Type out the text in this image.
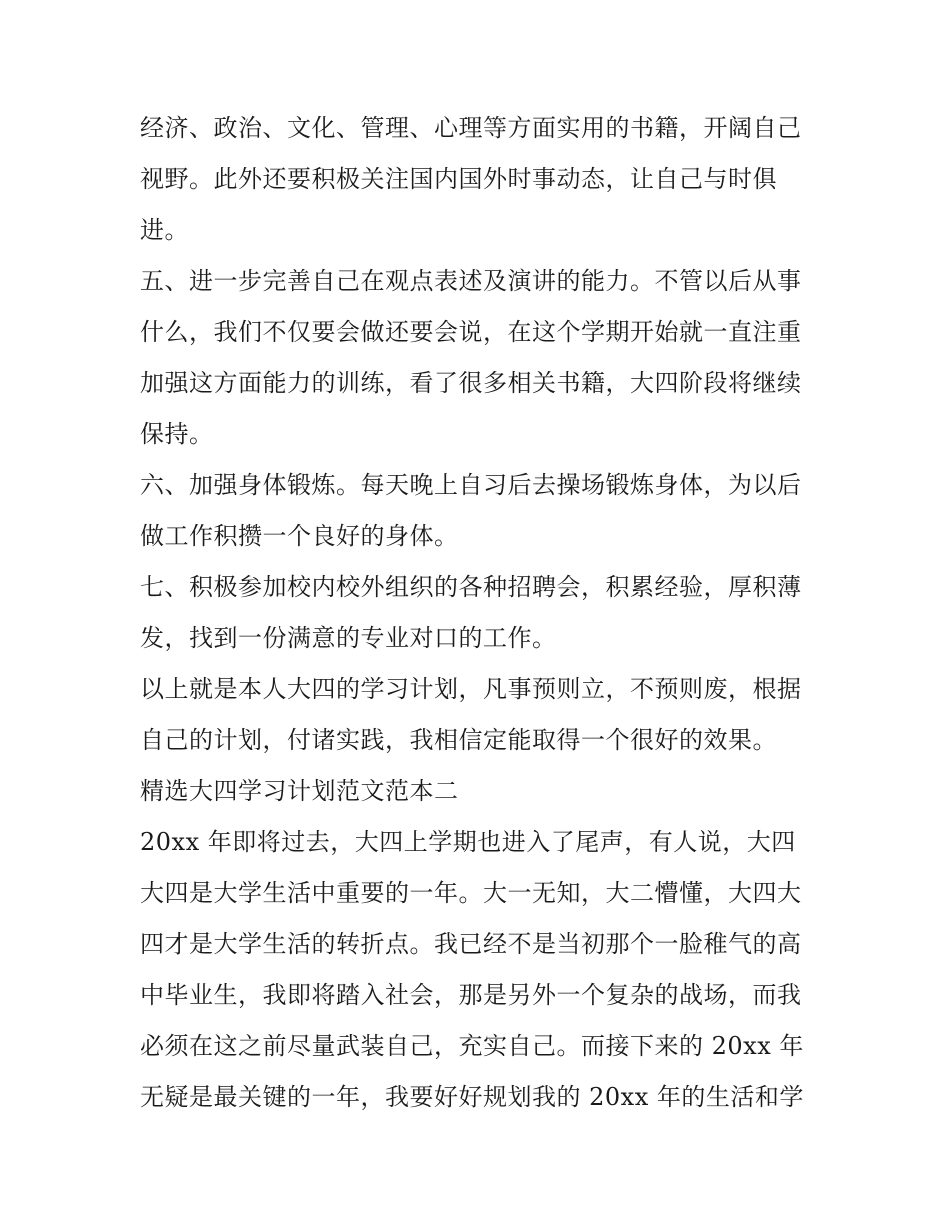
经济、政治、文化、管理、心理等方面实用的书籍，开阔自己
视野。此外还要积极关注国内国外时事动态，让自己与时俱
进。
五、进一步完善自己在观点表述及演讲的能力。不管以后从事
什么，我们不仅要会做还要会说，在这个学期开始就一直注重
加强这方面能力的训练，看了很多相关书籍，大四阶段将继续
保持。
六、加强身体锻炼。每天晚上自习后去操场锻炼身体，为以后
做工作积攒一个良好的身体。
七、积极参加校内校外组织的各种招聘会，积累经验，厚积薄
发，找到一份满意的专业对口的工作。
以上就是本人大四的学习计划，凡事预则立，不预则废，根据
自己的计划，付诸实践，我相信定能取得一个很好的效果。
精选大四学习计划范文范本二
20xx 年即将过去，大四上学期也进入了尾声，有人说，大四
大四是大学生活中重要的一年。大一无知，大二懵懂，大四大
四才是大学生活的转折点。我已经不是当初那个一脸稚气的高
中毕业生，我即将踏入社会，那是另外一个复杂的战场，而我
必须在这之前尽量武装自己，充实自己。而接下来的 20xx 年
无疑是最关键的一年，我要好好规划我的 20xx 年的生活和学
